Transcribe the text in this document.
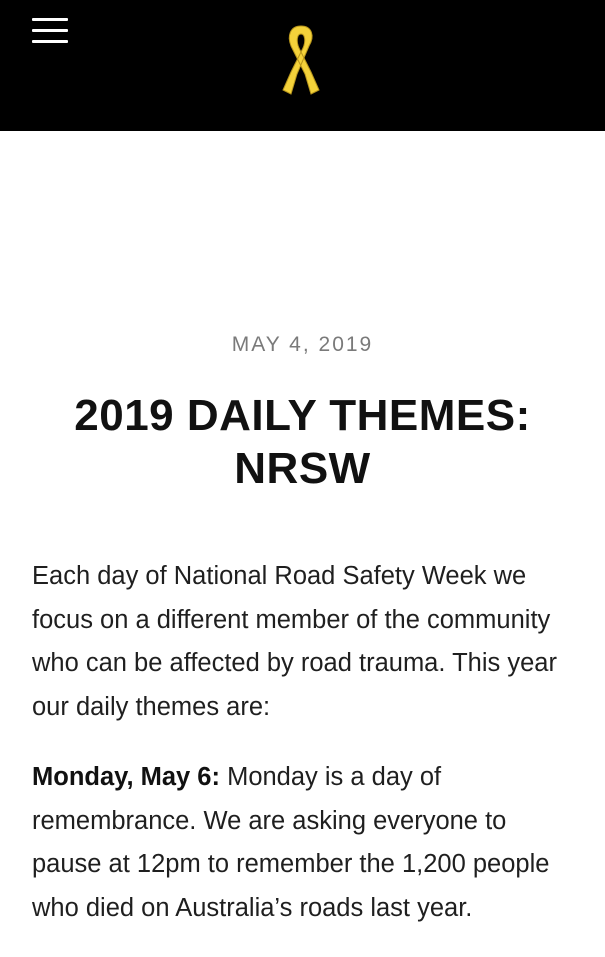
MAY 4, 2019
2019 DAILY THEMES: NRSW

Each day of National Road Safety Week we focus on a different member of the community who can be affected by road trauma. This year our daily themes are:

Monday, May 6: Monday is a day of remembrance. We are asking everyone to pause at 12pm to remember the 1,200 people who died on Australia’s roads last year.
